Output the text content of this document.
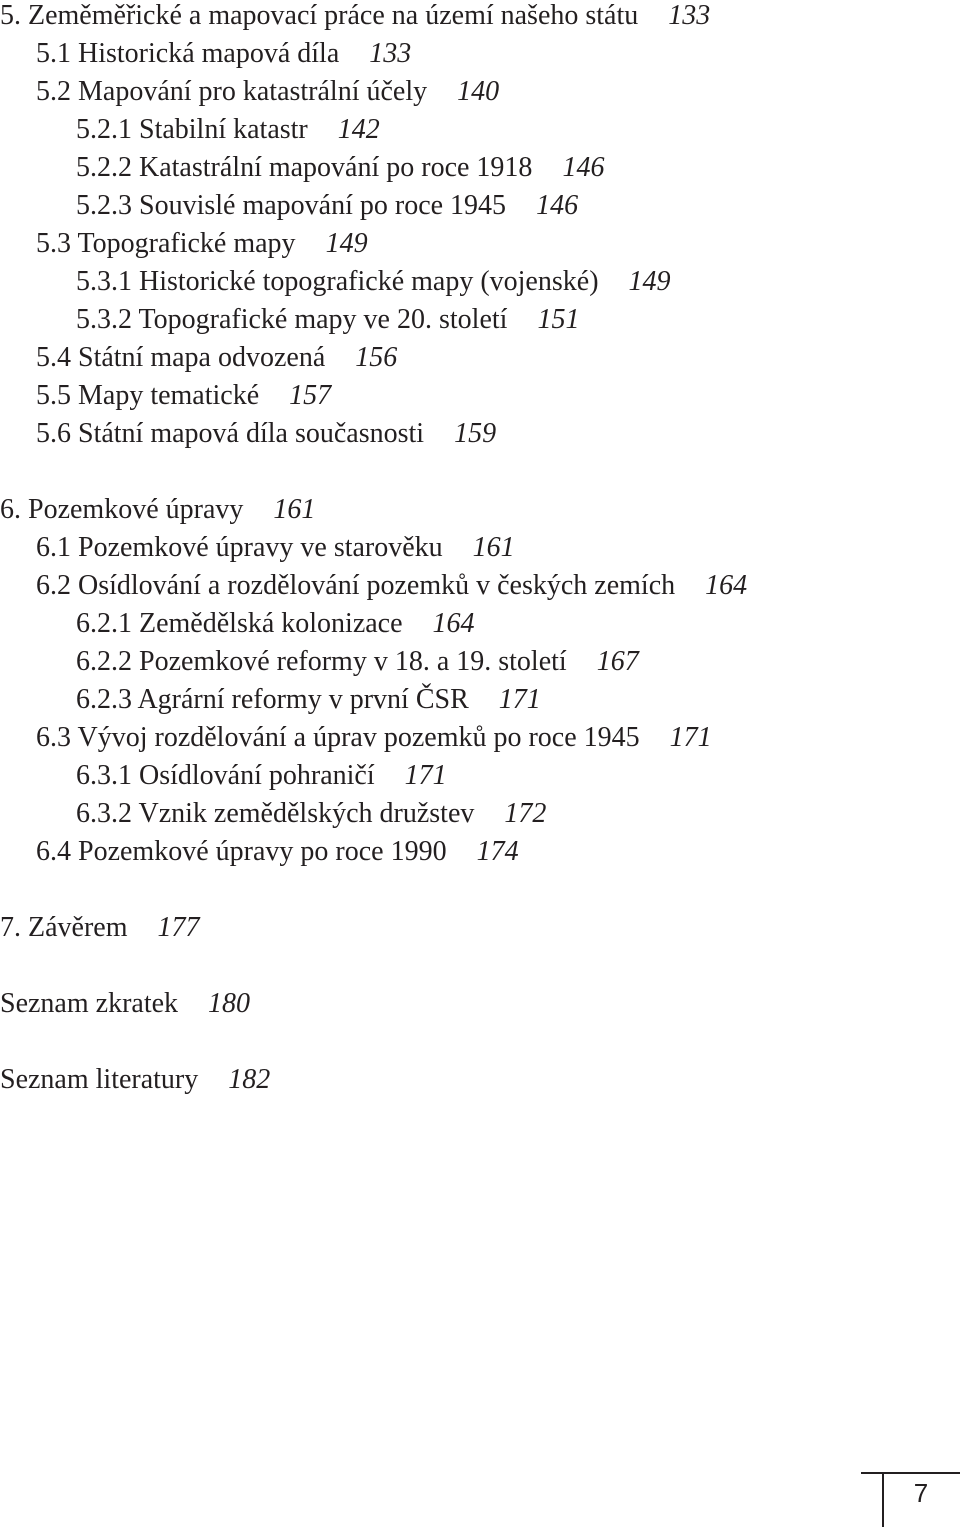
5. Zeměměřické a mapovací práce na území našeho státu 133
5.1 Historická mapová díla 133
5.2 Mapování pro katastrální účely 140
5.2.1 Stabilní katastr 142
5.2.2 Katastrální mapování po roce 1918 146
5.2.3 Souvislé mapování po roce 1945 146
5.3 Topografické mapy 149
5.3.1 Historické topografické mapy (vojenské) 149
5.3.2 Topografické mapy ve 20. století 151
5.4 Státní mapa odvozená 156
5.5 Mapy tematické 157
5.6 Státní mapová díla současnosti 159
6. Pozemkové úpravy 161
6.1 Pozemkové úpravy ve starověku 161
6.2 Osídlování a rozdělování pozemků v českých zemích 164
6.2.1 Zemědělská kolonizace 164
6.2.2 Pozemkové reformy v 18. a 19. století 167
6.2.3 Agrární reformy v první ČSR 171
6.3 Vývoj rozdělování a úprav pozemků po roce 1945 171
6.3.1 Osídlování pohraničí 171
6.3.2 Vznik zemědělských družstev 172
6.4 Pozemkové úpravy po roce 1990 174
7. Závěrem 177
Seznam zkratek 180
Seznam literatury 182
7
